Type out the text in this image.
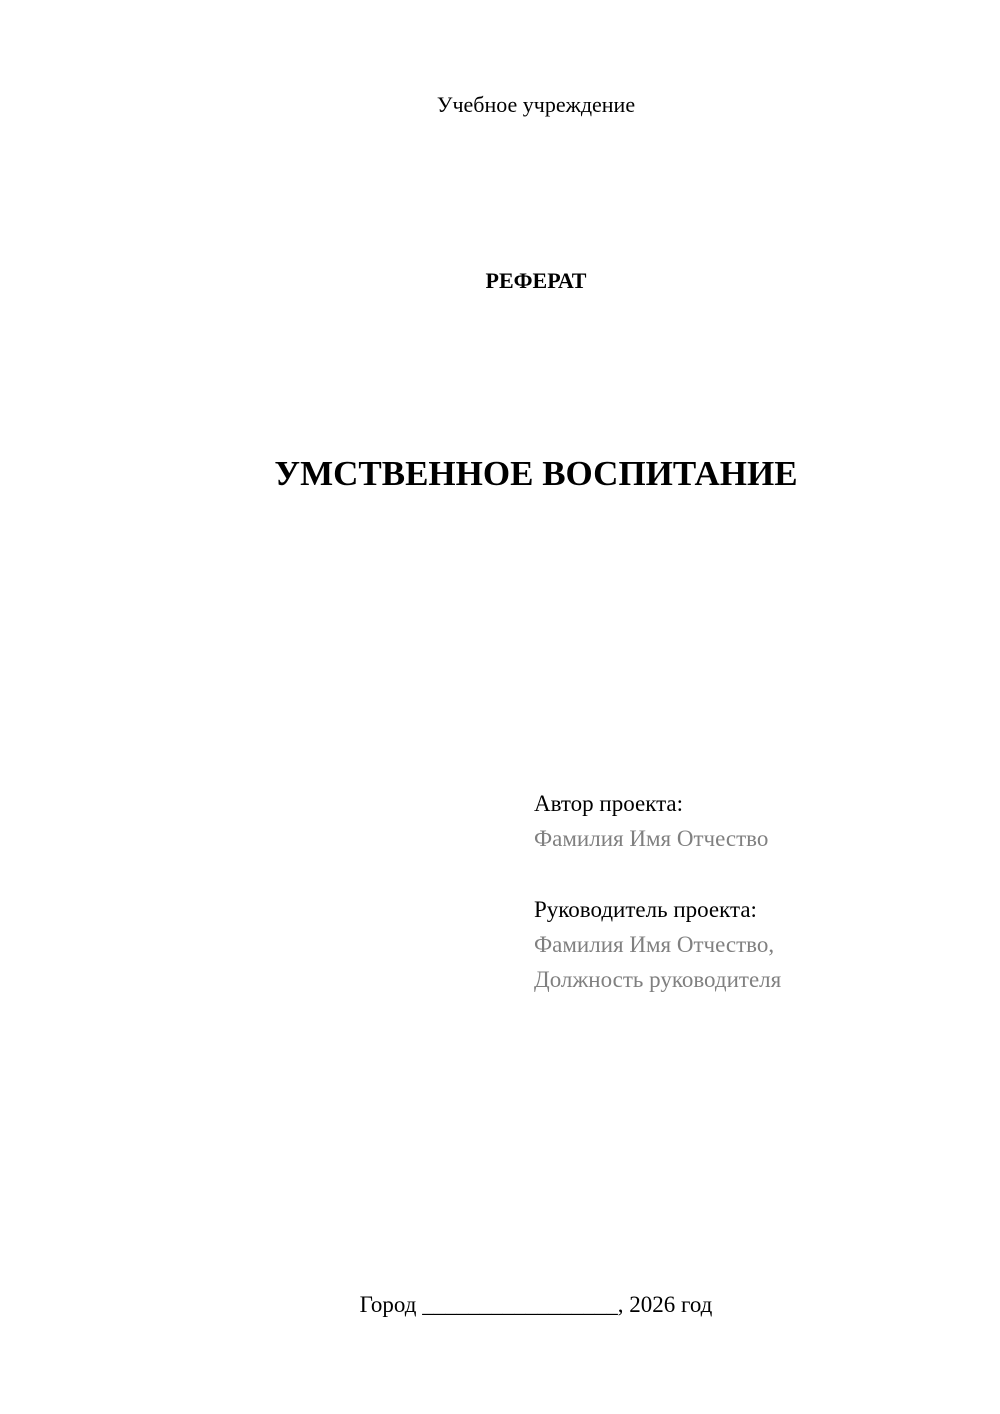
Учебное учреждение
РЕФЕРАТ
УМСТВЕННОЕ ВОСПИТАНИЕ
Автор проекта:
Фамилия Имя Отчество
Руководитель проекта:
Фамилия Имя Отчество,
Должность руководителя
Город _________________, 2026 год
